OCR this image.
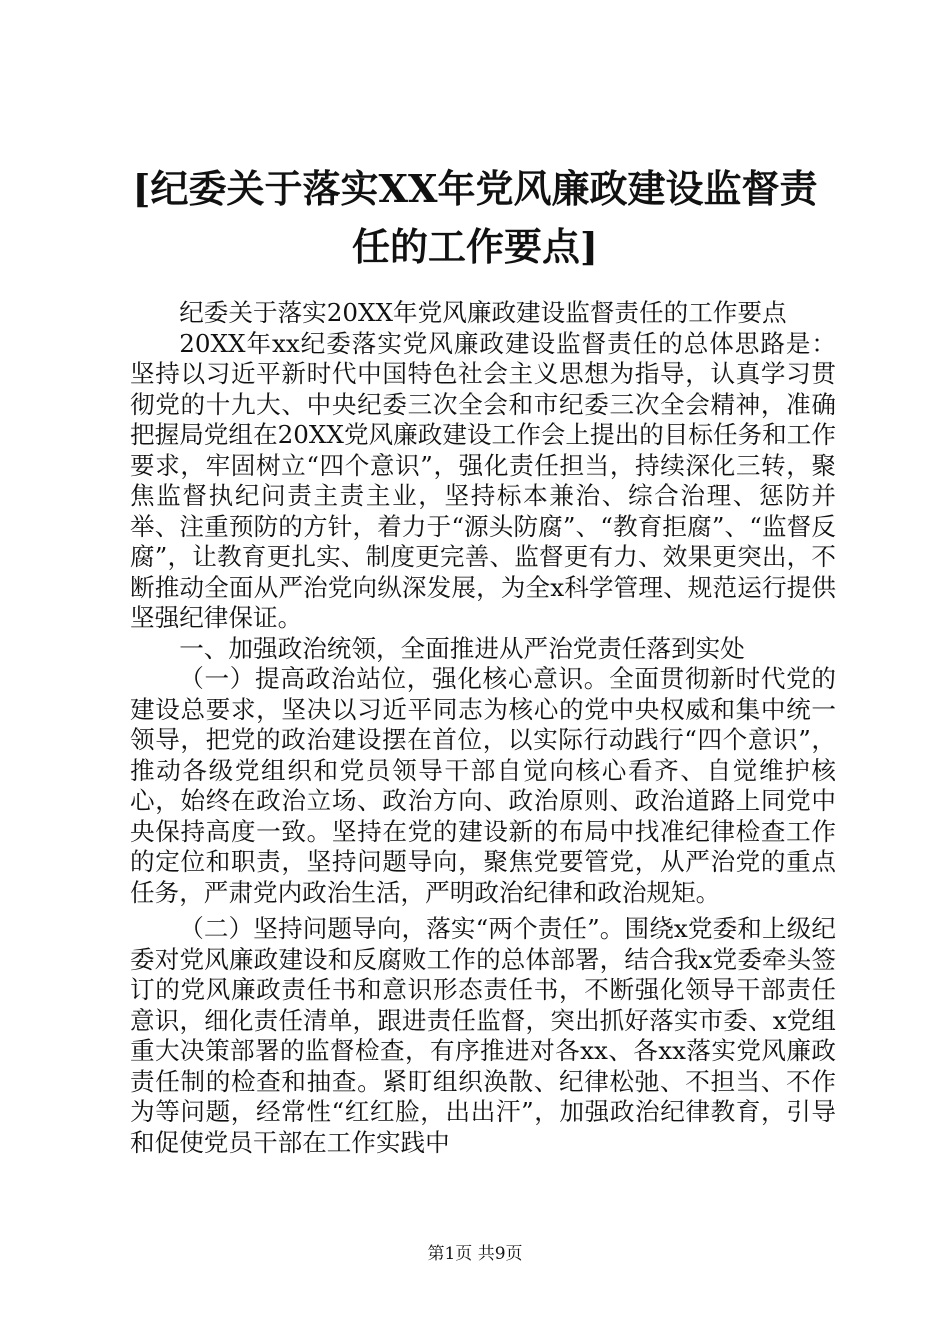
[纪委关于落实XX年党风廉政建设监督责任的工作要点]

纪委关于落实20XX年党风廉政建设监督责任的工作要点

20XX年xx纪委落实党风廉政建设监督责任的总体思路是：坚持以习近平新时代中国特色社会主义思想为指导，认真学习贯彻党的十九大、中央纪委三次全会和市纪委三次全会精神，准确把握局党组在20XX党风廉政建设工作会上提出的目标任务和工作要求，牢固树立“四个意识”，强化责任担当，持续深化三转，聚焦监督执纪问责主责主业，坚持标本兼治、综合治理、惩防并举、注重预防的方针，着力于“源头防腐”、“教育拒腐”、“监督反腐”，让教育更扎实、制度更完善、监督更有力、效果更突出，不断推动全面从严治党向纵深发展，为全x科学管理、规范运行提供坚强纪律保证。

一、加强政治统领，全面推进从严治党责任落到实处

（一）提高政治站位，强化核心意识。全面贯彻新时代党的建设总要求，坚决以习近平同志为核心的党中央权威和集中统一领导，把党的政治建设摆在首位，以实际行动践行“四个意识”，推动各级党组织和党员领导干部自觉向核心看齐、自觉维护核心，始终在政治立场、政治方向、政治原则、政治道路上同党中央保持高度一致。坚持在党的建设新的布局中找准纪律检查工作的定位和职责，坚持问题导向，聚焦党要管党，从严治党的重点任务，严肃党内政治生活，严明政治纪律和政治规矩。

（二）坚持问题导向，落实“两个责任”。围绕x党委和上级纪委对党风廉政建设和反腐败工作的总体部署，结合我x党委牵头签订的党风廉政责任书和意识形态责任书，不断强化领导干部责任意识，细化责任清单，跟进责任监督，突出抓好落实市委、x党组重大决策部署的监督检查，有序推进对各xx、各xx落实党风廉政责任制的检查和抽查。紧盯组织涣散、纪律松弛、不担当、不作为等问题，经常性“红红脸，出出汗”，加强政治纪律教育，引导和促使党员干部在工作实践中

第1页 共9页
